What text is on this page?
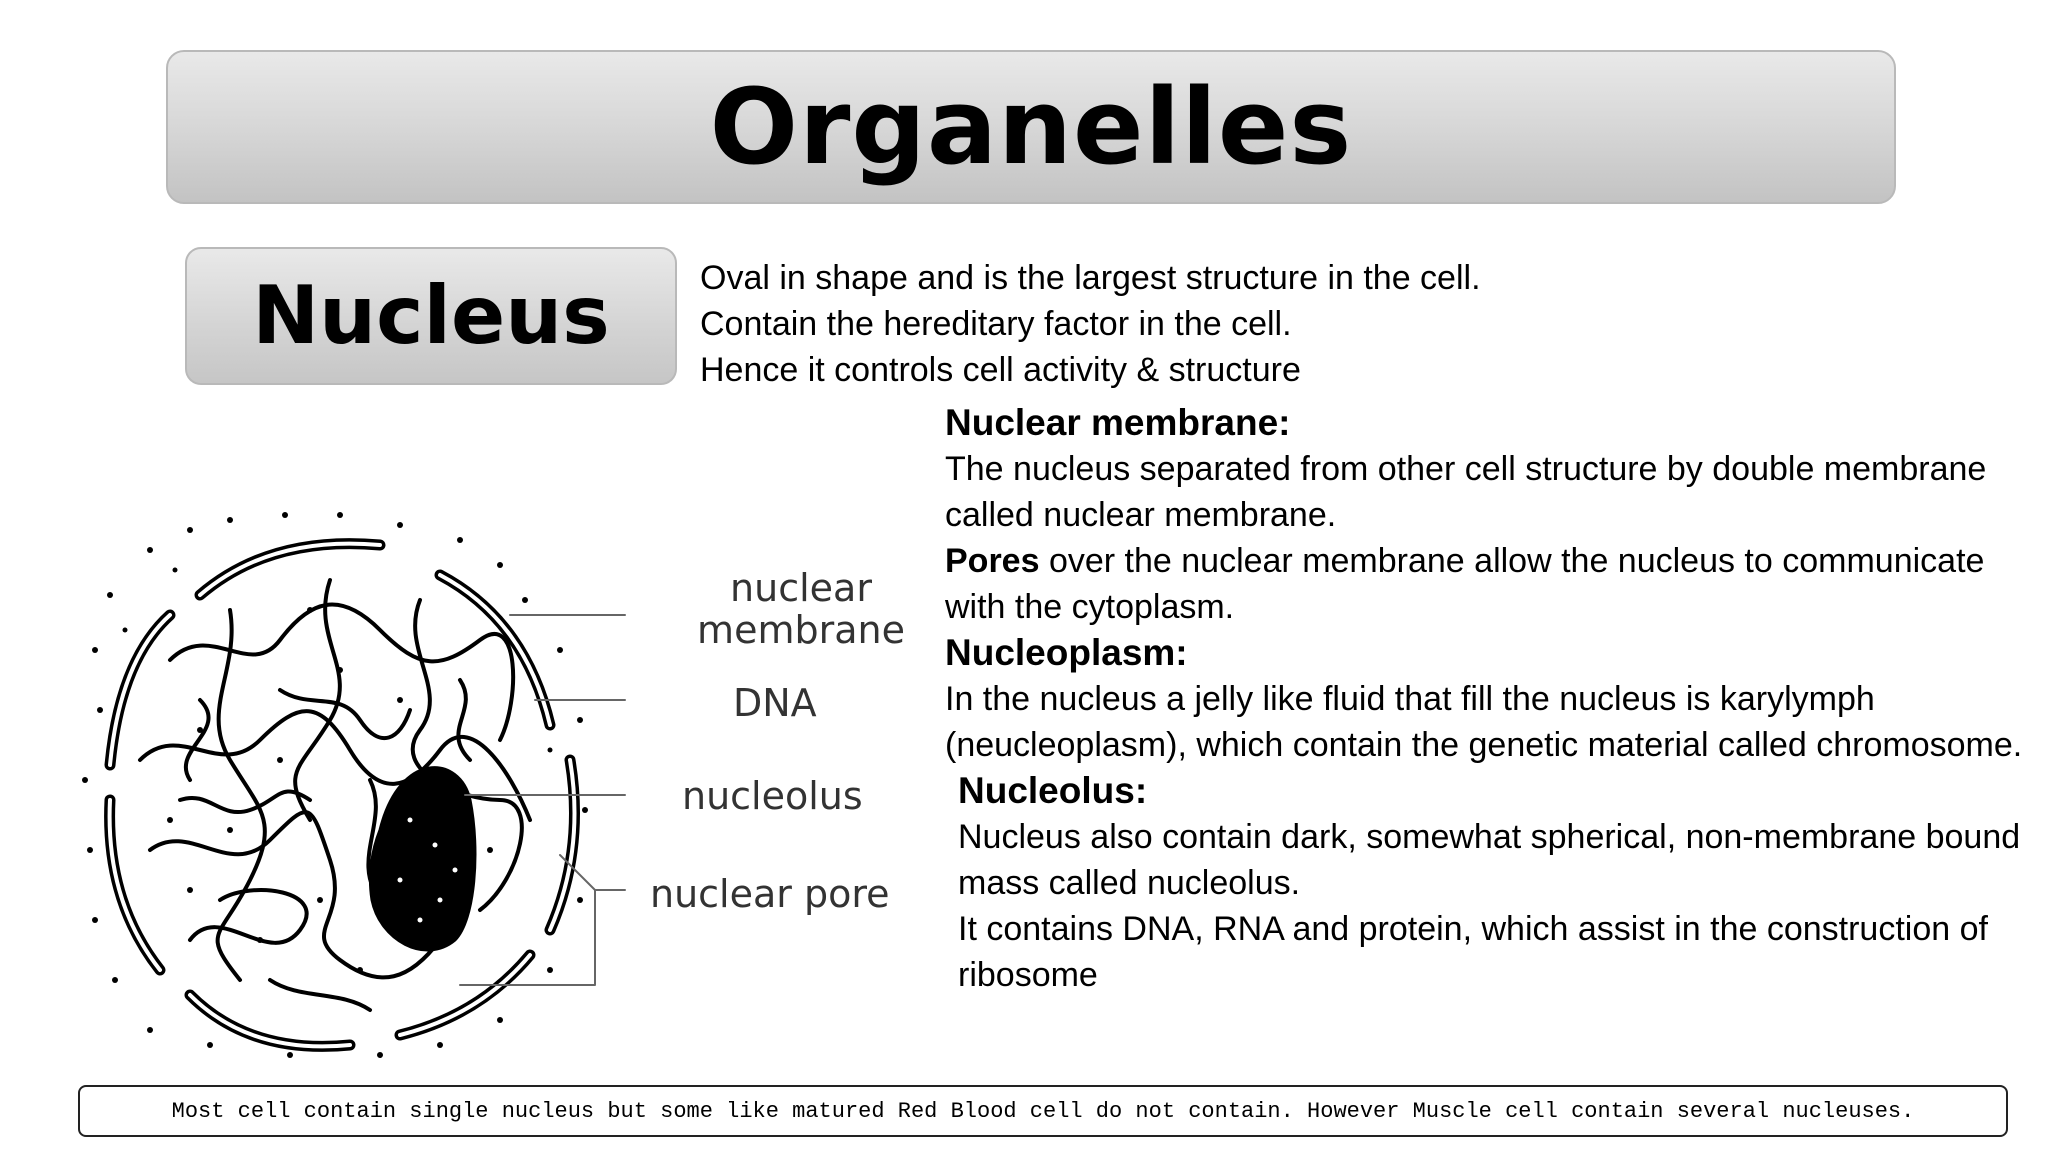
Organelles
Nucleus	Oval in shape and is the largest structure in the cell.
Contain the hereditary factor in the cell.
Hence it controls cell activity & structure

Nuclear membrane:

The nucleus separated from other cell structure by double membrane called nuclear membrane.

Pores over the nuclear membrane allow the nucleus to communicate with the cytoplasm.

Nucleoplasm:

In the nucleus a jelly like fluid that fill the nucleus is karylymph (neucleoplasm), which contain the genetic material called chromosome.

Nucleolus:

Nucleus also contain dark, somewhat spherical, non-membrane bound mass called nucleolus.

It contains DNA, RNA and protein, which assist in the construction of ribosome

nuclear
membrane
DNA
nucleolus
nuclear pore
Most cell contain single nucleus but some like matured Red Blood cell do not contain. However Muscle cell contain several nucleuses.
